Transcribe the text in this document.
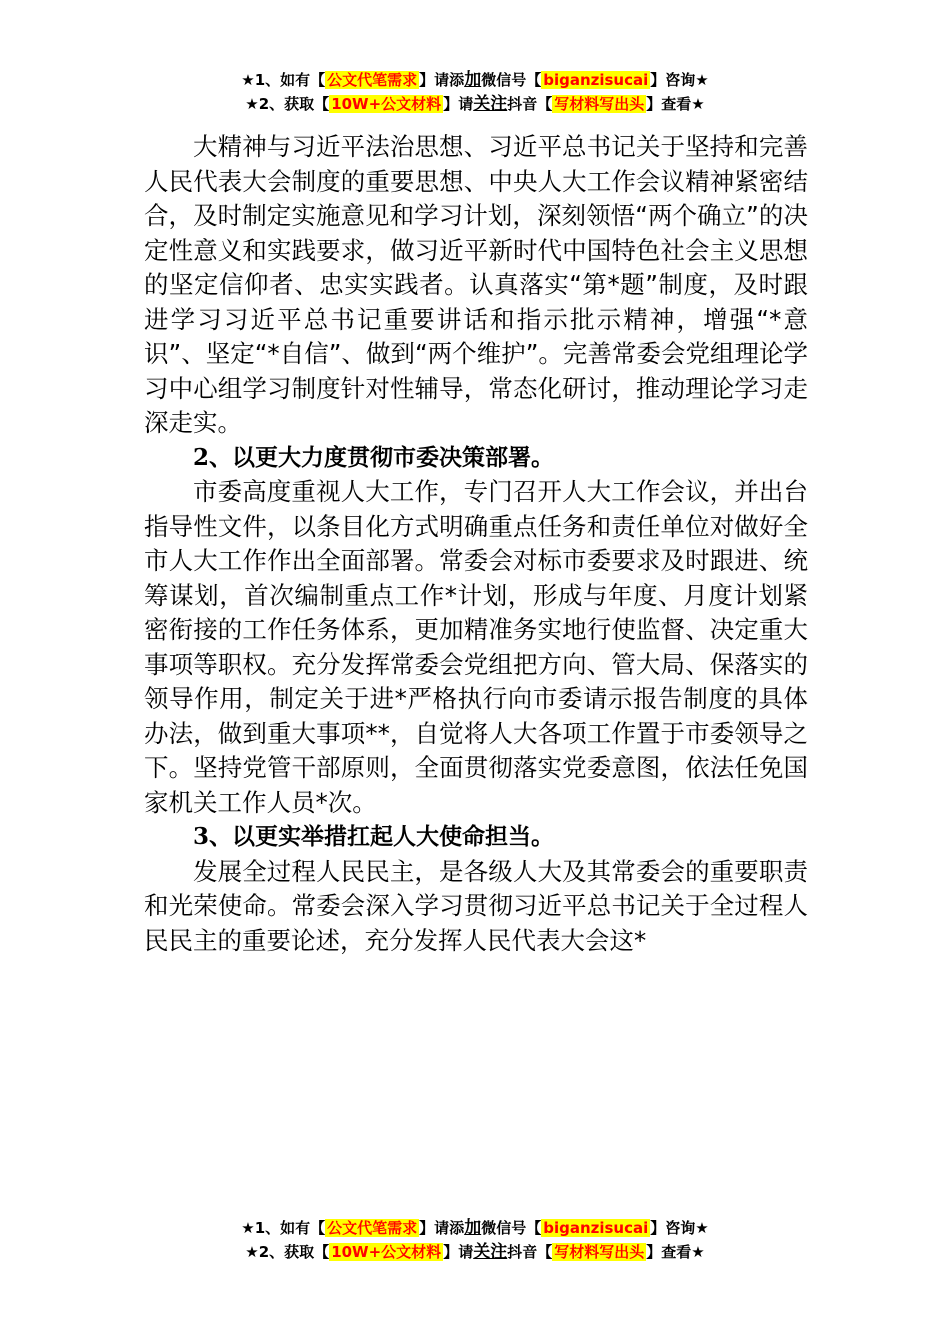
★1、如有【 公文代笔需求 】请添加微信号【 biganzisucai 】咨询★
★2、获取【 10W+公文材料 】请关注抖音【 写材料写出头 】查看★

大精神与习近平法治思想、习近平总书记关于坚持和完善人民代表大会制度的重要思想、中央人大工作会议精神紧密结合，及时制定实施意见和学习计划，深刻领悟“两个确立”的决定性意义和实践要求，做习近平新时代中国特色社会主义思想的坚定信仰者、忠实实践者。认真落实“第*题”制度，及时跟进学习习近平总书记重要讲话和指示批示精神，增强“*意识”、坚定“*自信”、做到“两个维护”。完善常委会党组理论学习中心组学习制度针对性辅导，常态化研讨，推动理论学习走深走实。

2、以更大力度贯彻市委决策部署。

市委高度重视人大工作，专门召开人大工作会议，并出台指导性文件，以条目化方式明确重点任务和责任单位对做好全市人大工作作出全面部署。常委会对标市委要求及时跟进、统筹谋划，首次编制重点工作*计划，形成与年度、月度计划紧密衔接的工作任务体系，更加精准务实地行使监督、决定重大事项等职权。充分发挥常委会党组把方向、管大局、保落实的领导作用，制定关于进*严格执行向市委请示报告制度的具体办法，做到重大事项**，自觉将人大各项工作置于市委领导之下。坚持党管干部原则，全面贯彻落实党委意图，依法任免国家机关工作人员*次。

3、以更实举措扛起人大使命担当。

发展全过程人民民主，是各级人大及其常委会的重要职责和光荣使命。常委会深入学习贯彻习近平总书记关于全过程人民民主的重要论述，充分发挥人民代表大会这*

★1、如有【 公文代笔需求 】请添加微信号【 biganzisucai 】咨询★
★2、获取【 10W+公文材料 】请关注抖音【 写材料写出头 】查看★
